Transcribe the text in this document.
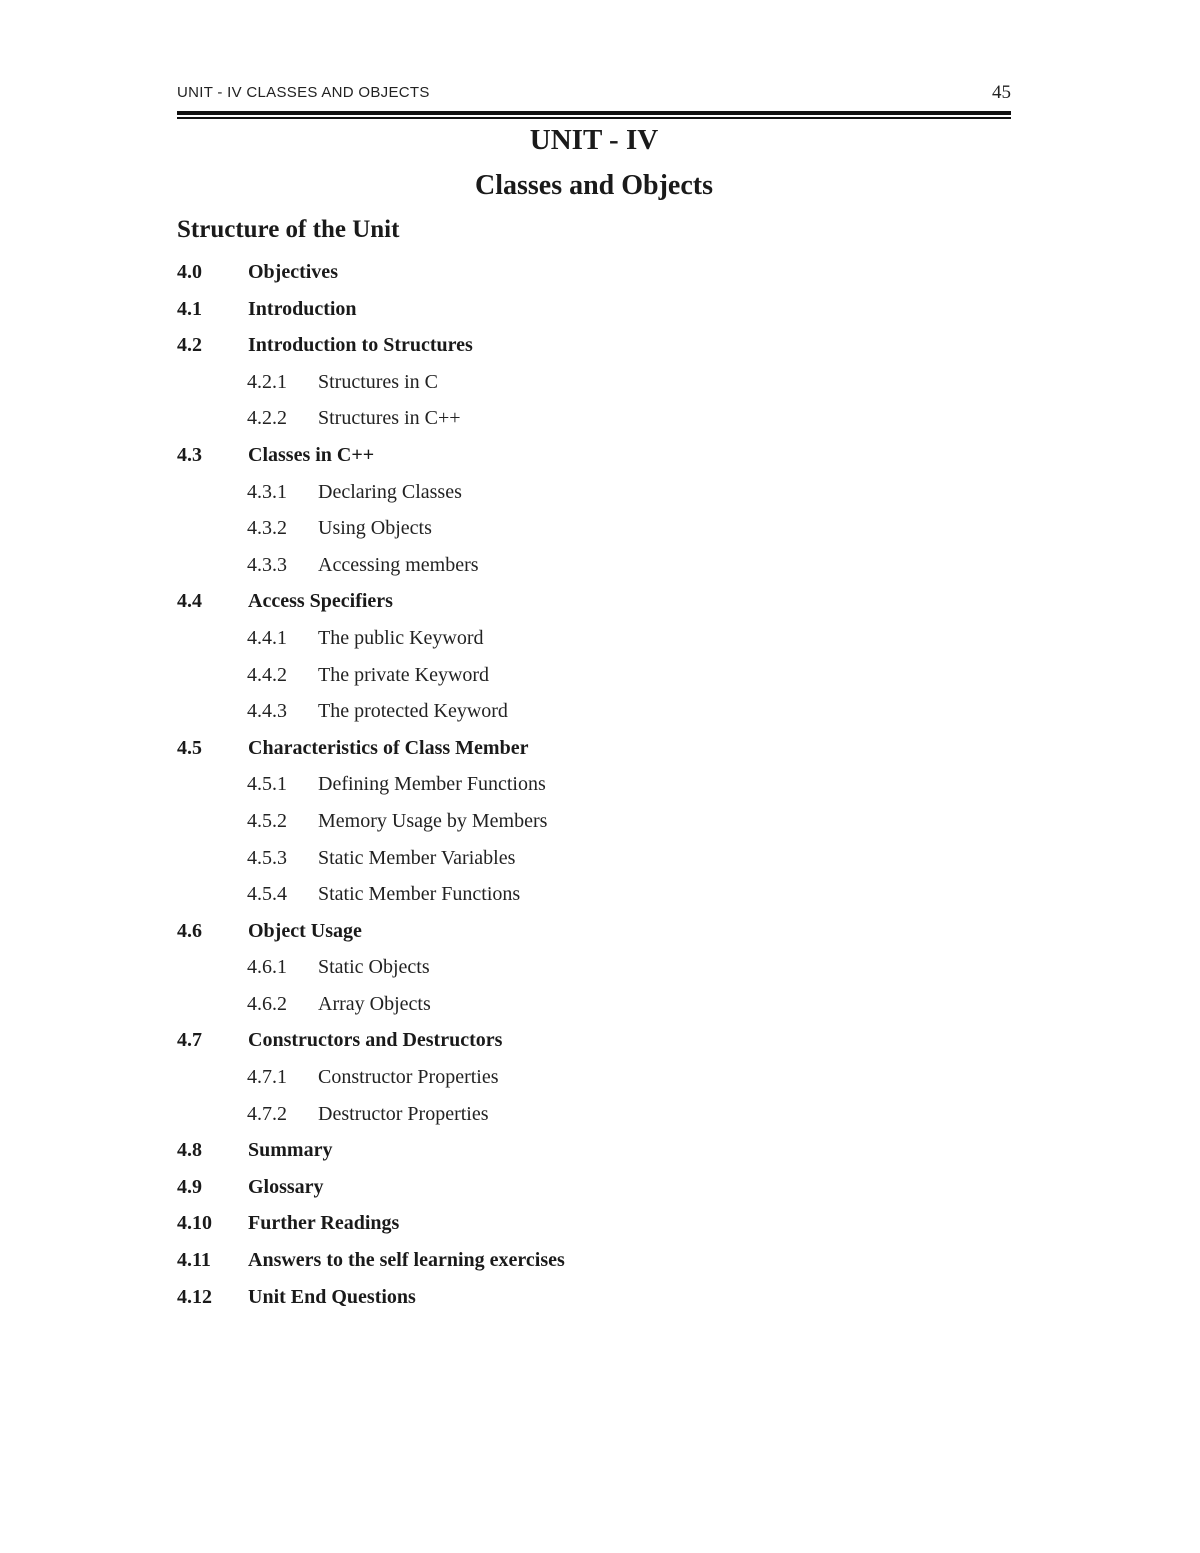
UNIT - IV CLASSES AND OBJECTS	45
UNIT - IV
Classes and Objects
Structure of the Unit
4.0 Objectives
4.1 Introduction
4.2 Introduction to Structures
4.2.1 Structures in C
4.2.2 Structures in C++
4.3 Classes in C++
4.3.1 Declaring Classes
4.3.2 Using Objects
4.3.3 Accessing members
4.4 Access Specifiers
4.4.1 The public Keyword
4.4.2 The private Keyword
4.4.3 The protected Keyword
4.5 Characteristics of Class Member
4.5.1 Defining Member Functions
4.5.2 Memory Usage by Members
4.5.3 Static Member Variables
4.5.4 Static Member Functions
4.6 Object Usage
4.6.1 Static Objects
4.6.2 Array Objects
4.7 Constructors and Destructors
4.7.1 Constructor Properties
4.7.2 Destructor Properties
4.8 Summary
4.9 Glossary
4.10 Further Readings
4.11 Answers to the self learning exercises
4.12 Unit End Questions
